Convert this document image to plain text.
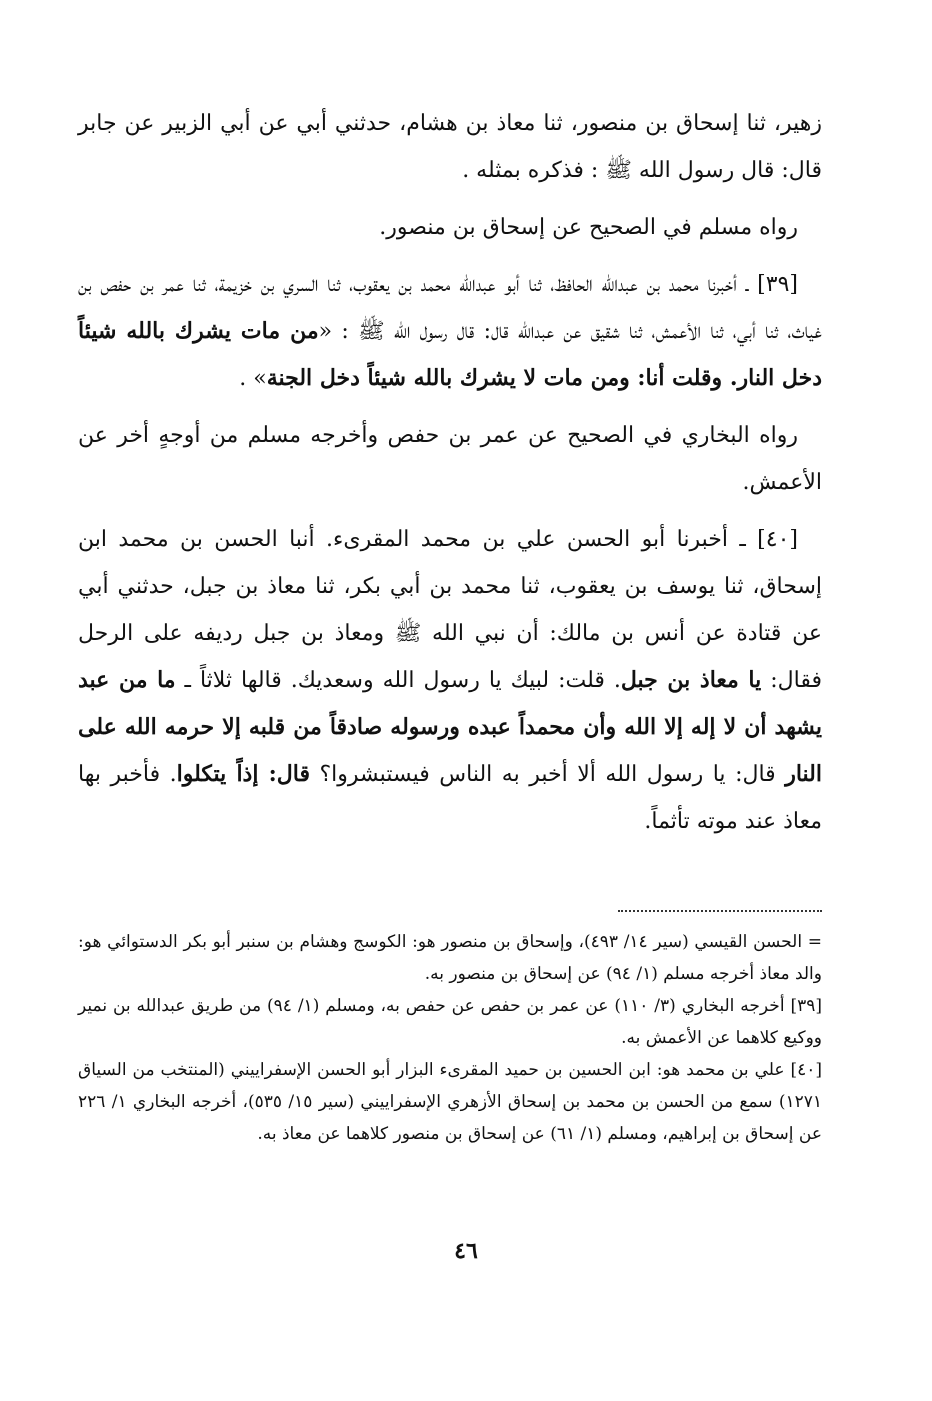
زهير، ثنا إسحاق بن منصور، ثنا معاذ بن هشام، حدثني أبي عن أبي الزبير عن جابر قال: قال رسول الله ﷺ : فذكره بمثله .

رواه مسلم في الصحيح عن إسحاق بن منصور.

[٣٩] ـ أخبرنا محمد بن عبدالله الحافظ، ثنا أبو عبدالله محمد بن يعقوب، ثنا السري بن خزيمة، ثنا عمر بن حفص بن غياث، ثنا أبي، ثنا الأعمش، ثنا شقيق عن عبدالله قال: قال رسول الله ﷺ : «من مات يشرك بالله شيئاً دخل النار. وقلت أنا: ومن مات لا يشرك بالله شيئاً دخل الجنة» .

رواه البخاري في الصحيح عن عمر بن حفص وأخرجه مسلم من أوجهٍ أخر عن الأعمش.

[٤٠] ـ أخبرنا أبو الحسن علي بن محمد المقرىء. أنبا الحسن بن محمد ابن إسحاق، ثنا يوسف بن يعقوب، ثنا محمد بن أبي بكر، ثنا معاذ بن جبل، حدثني أبي عن قتادة عن أنس بن مالك: أن نبي الله ﷺ ومعاذ بن جبل رديفه على الرحل فقال: يا معاذ بن جبل. قلت: لبيك يا رسول الله وسعديك. قالها ثلاثاً ـ ما من عبد يشهد أن لا إله إلا الله وأن محمداً عبده ورسوله صادقاً من قلبه إلا حرمه الله على النار قال: يا رسول الله ألا أخبر به الناس فيستبشروا؟ قال: إذاً يتكلوا. فأخبر بها معاذ عند موته تأثماً.

= الحسن القيسي (سير ١٤/ ٤٩٣)، وإسحاق بن منصور هو: الكوسج وهشام بن سنبر أبو بكر الدستوائي هو: والد معاذ أخرجه مسلم (١/ ٩٤) عن إسحاق بن منصور به.

[٣٩] أخرجه البخاري (٣/ ١١٠) عن عمر بن حفص عن حفص به، ومسلم (١/ ٩٤) من طريق عبدالله بن نمير ووكيع كلاهما عن الأعمش به.

[٤٠] علي بن محمد هو: ابن الحسين بن حميد المقرىء البزار أبو الحسن الإسفراييني (المنتخب من السياق ١٢٧١) سمع من الحسن بن محمد بن إسحاق الأزهري الإسفراييني (سير ١٥/ ٥٣٥)، أخرجه البخاري ١/ ٢٢٦ عن إسحاق بن إبراهيم، ومسلم (١/ ٦١) عن إسحاق بن منصور كلاهما عن معاذ به.

٤٦
